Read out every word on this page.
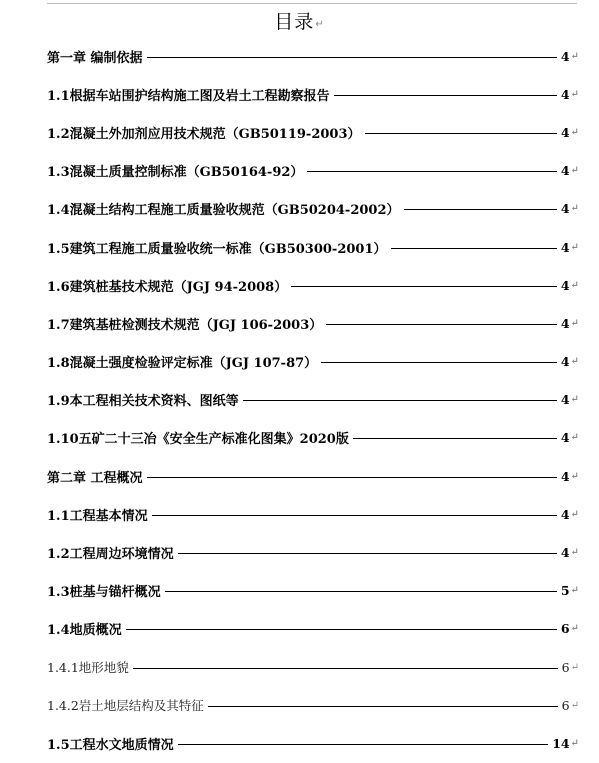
目录↵
第一章 编制依据	4 ↵
1.1根据车站围护结构施工图及岩土工程勘察报告	4 ↵
1.2混凝土外加剂应用技术规范（GB50119-2003）	4 ↵
1.3混凝土质量控制标准（GB50164-92）	4 ↵
1.4混凝土结构工程施工质量验收规范（GB50204-2002）	4 ↵
1.5建筑工程施工质量验收统一标准（GB50300-2001）	4 ↵
1.6建筑桩基技术规范（JGJ 94-2008）	4 ↵
1.7建筑基桩检测技术规范（JGJ 106-2003）	4 ↵
1.8混凝土强度检验评定标准（JGJ 107-87）	4 ↵
1.9本工程相关技术资料、图纸等	4 ↵
1.10五矿二十三冶《安全生产标准化图集》2020版	4 ↵
第二章 工程概况	4 ↵
1.1工程基本情况	4 ↵
1.2工程周边环境情况	4 ↵
1.3桩基与锚杆概况	5 ↵
1.4地质概况	6 ↵
1.4.1地形地貌	6 ↵
1.4.2岩土地层结构及其特征	6 ↵
1.5工程水文地质情况	14 ↵
